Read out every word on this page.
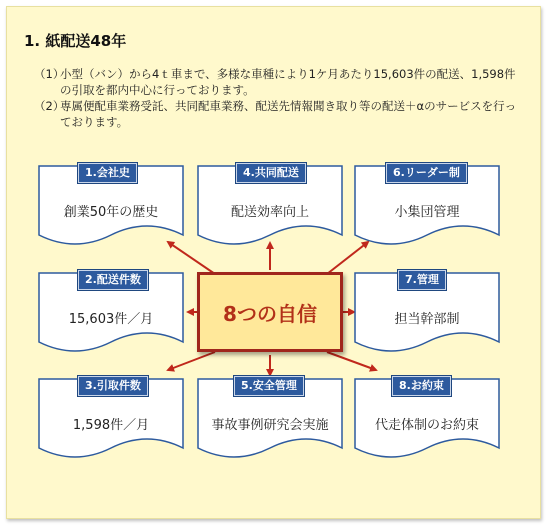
1. 紙配送48年
（1）
小型（バン）から4ｔ車まで、多様な車種により1ケ月あたり15,603件の配送、1,598件の引取を都内中心に行っております。
（2）
専属便配車業務受託、共同配車業務、配送先情報聞き取り等の配送＋αのサービスを行っております。
創業50年の歴史
1.会社史
配送効率向上
4.共同配送
小集団管理
6.リーダー制
15,603件／月
2.配送件数
8つの自信	担当幹部制
7.管理
1,598件／月
3.引取件数
事故事例研究会実施
5.安全管理
代走体制のお約束
8.お約束
